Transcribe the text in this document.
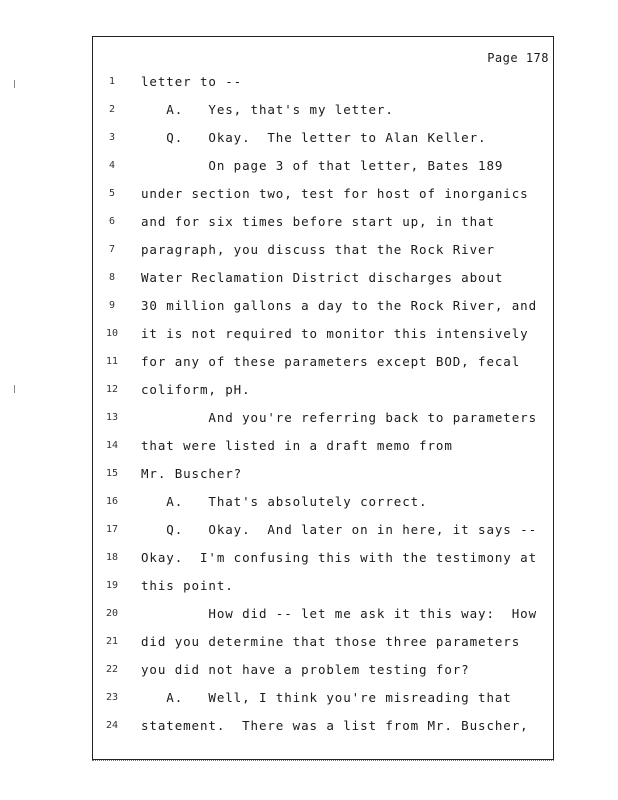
Page 178
1	letter to --
2	A.   Yes, that's my letter.
3	Q.   Okay.  The letter to Alan Keller.
4	On page 3 of that letter, Bates 189
5	under section two, test for host of inorganics
6	and for six times before start up, in that
7	paragraph, you discuss that the Rock River
8	Water Reclamation District discharges about
9	30 million gallons a day to the Rock River, and
10	it is not required to monitor this intensively
11	for any of these parameters except BOD, fecal
12	coliform, pH.
13	And you're referring back to parameters
14	that were listed in a draft memo from
15	Mr. Buscher?
16	A.   That's absolutely correct.
17	Q.   Okay.  And later on in here, it says --
18	Okay.  I'm confusing this with the testimony at
19	this point.
20	How did -- let me ask it this way:  How
21	did you determine that those three parameters
22	you did not have a problem testing for?
23	A.   Well, I think you're misreading that
24	statement.  There was a list from Mr. Buscher,
